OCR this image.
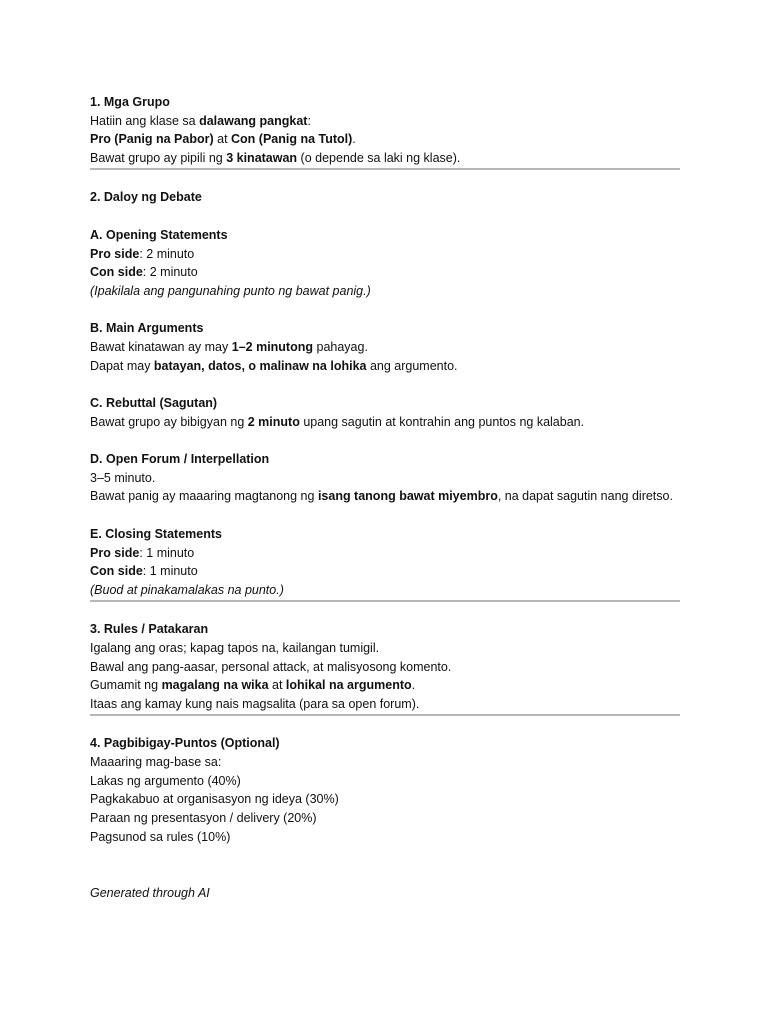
1. Mga Grupo
Hatiin ang klase sa dalawang pangkat:
Pro (Panig na Pabor) at Con (Panig na Tutol).
Bawat grupo ay pipili ng 3 kinatawan (o depende sa laki ng klase).
2. Daloy ng Debate
A. Opening Statements
Pro side: 2 minuto
Con side: 2 minuto
(Ipakilala ang pangunahing punto ng bawat panig.)
B. Main Arguments
Bawat kinatawan ay may 1–2 minutong pahayag.
Dapat may batayan, datos, o malinaw na lohika ang argumento.
C. Rebuttal (Sagutan)
Bawat grupo ay bibigyan ng 2 minuto upang sagutin at kontrahin ang puntos ng kalaban.
D. Open Forum / Interpellation
3–5 minuto.
Bawat panig ay maaaring magtanong ng isang tanong bawat miyembro, na dapat sagutin nang diretso.
E. Closing Statements
Pro side: 1 minuto
Con side: 1 minuto
(Buod at pinakamalakas na punto.)
3. Rules / Patakaran
Igalang ang oras; kapag tapos na, kailangan tumigil.
Bawal ang pang-aasar, personal attack, at malisyosong komento.
Gumamit ng magalang na wika at lohikal na argumento.
Itaas ang kamay kung nais magsalita (para sa open forum).
4. Pagbibigay-Puntos (Optional)
Maaaring mag-base sa:
Lakas ng argumento (40%)
Pagkakabuo at organisasyon ng ideya (30%)
Paraan ng presentasyon / delivery (20%)
Pagsunod sa rules (10%)
Generated through AI
